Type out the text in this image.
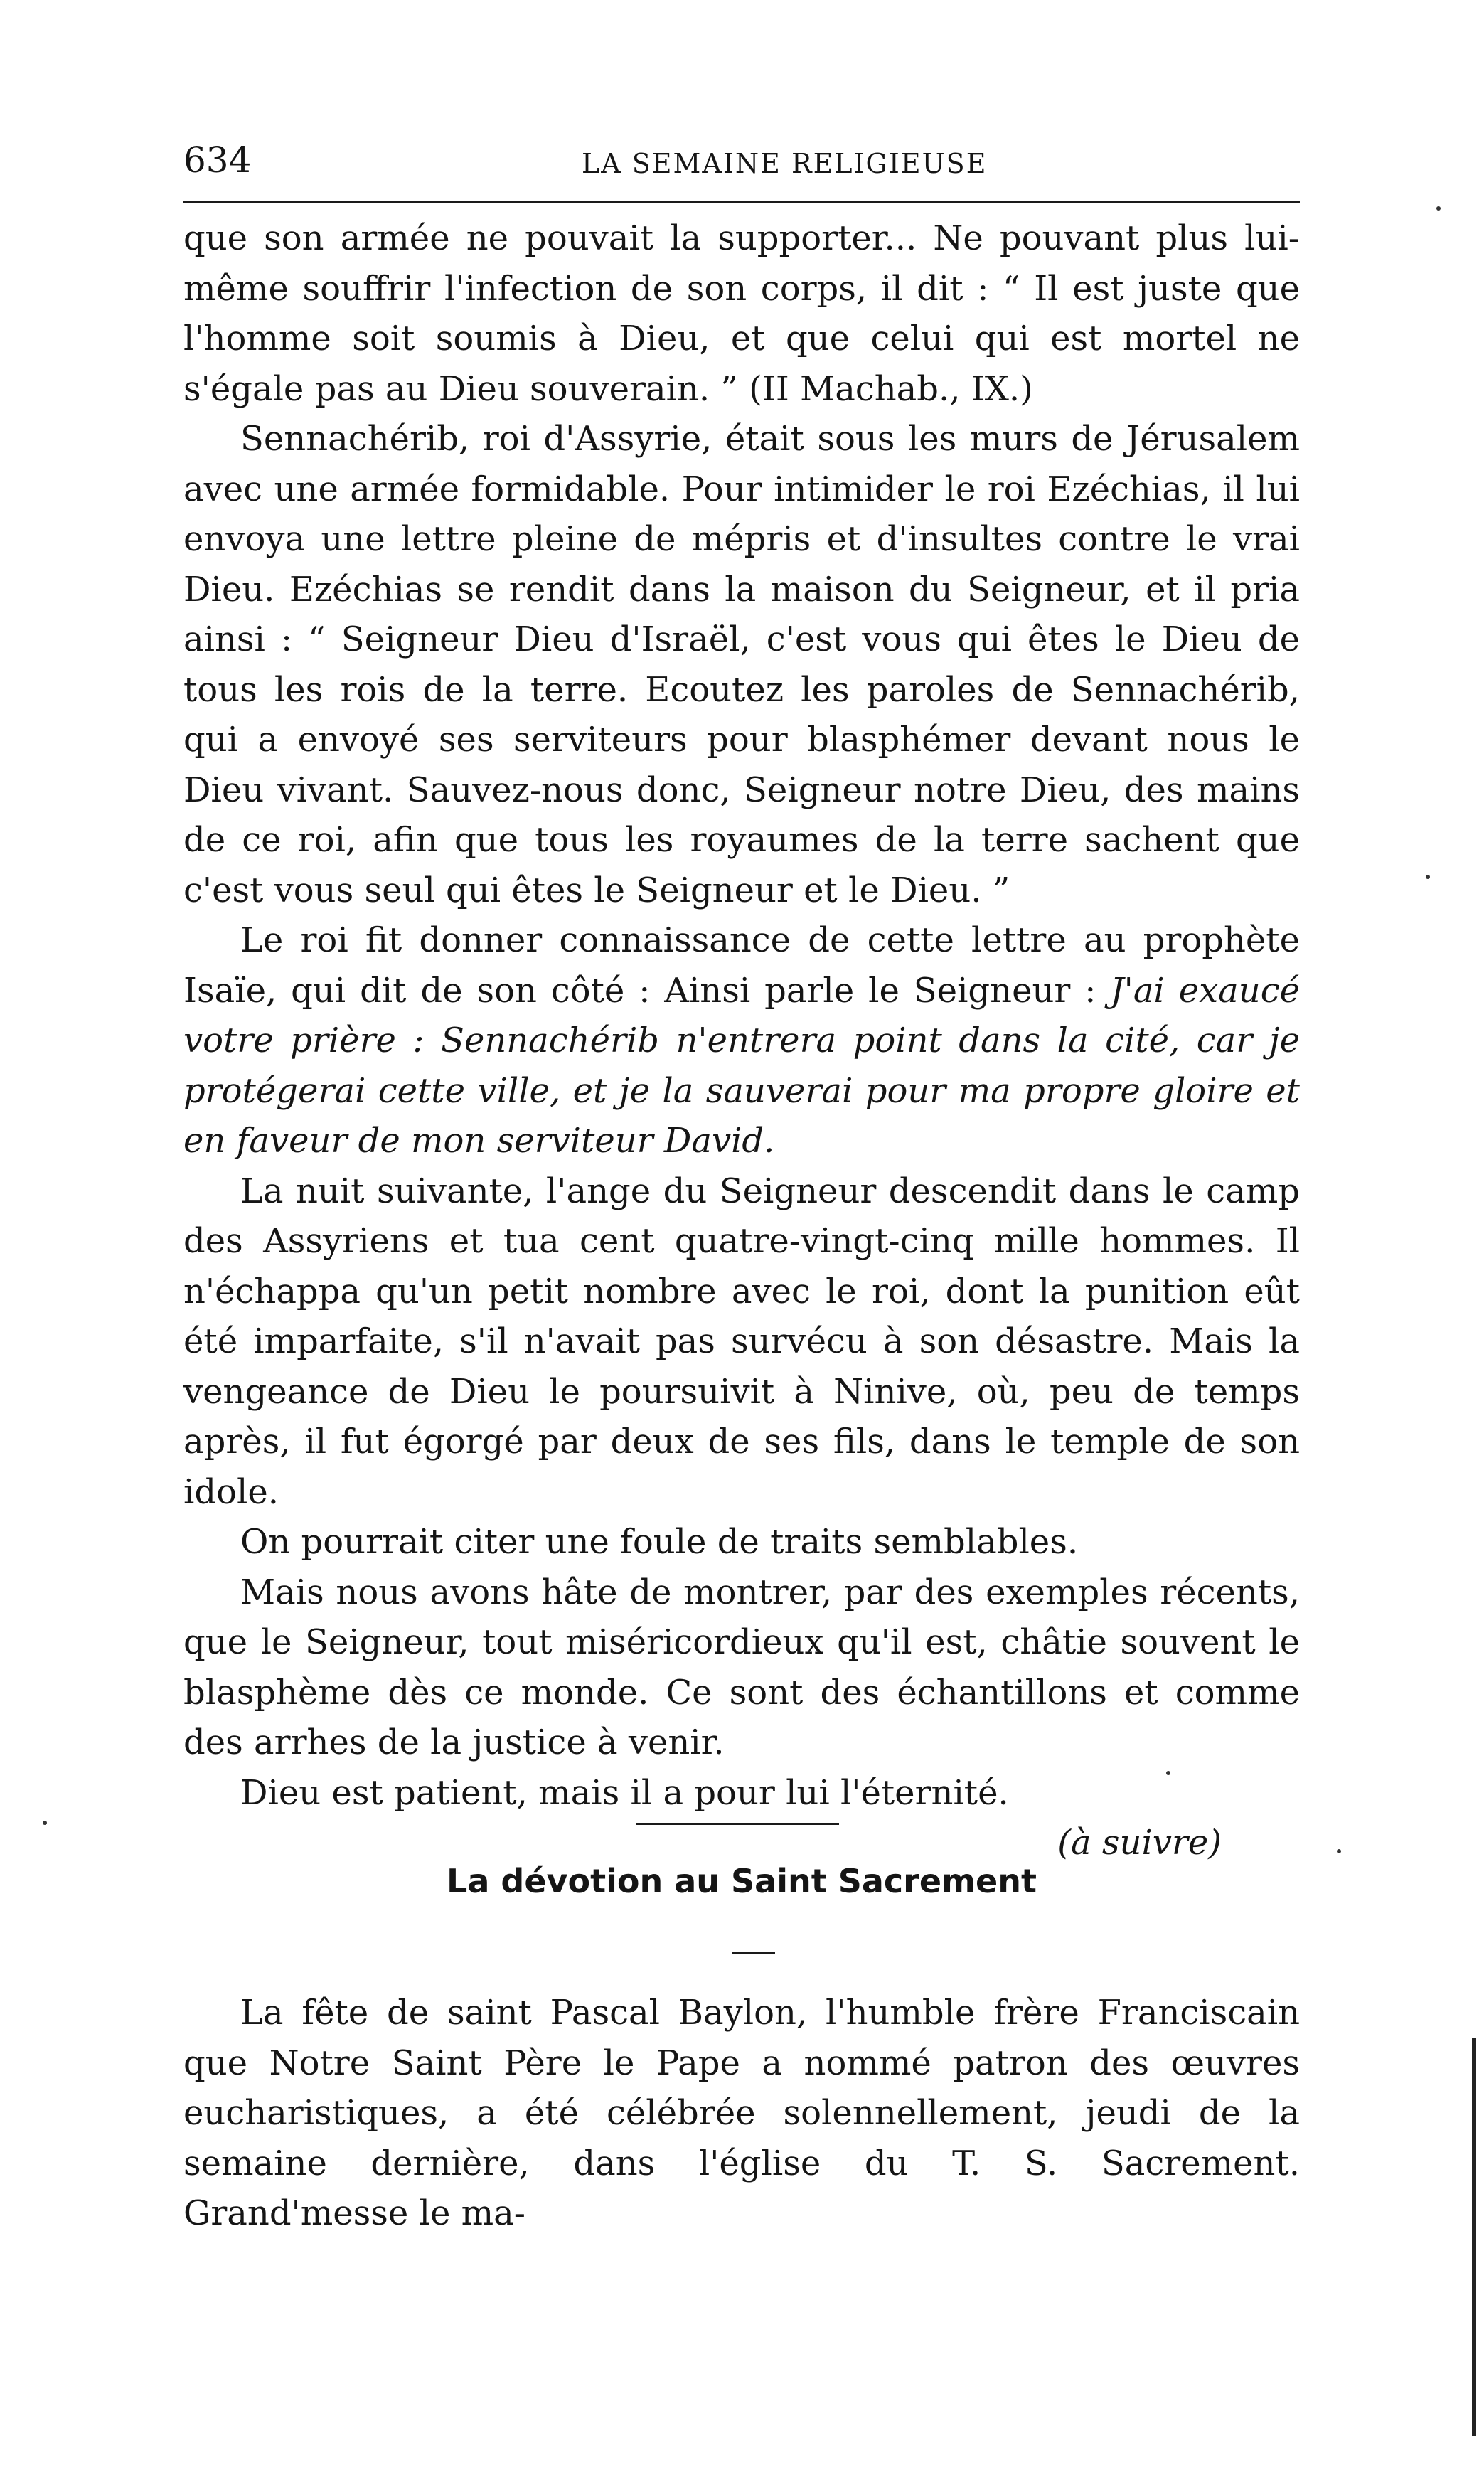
634	LA SEMAINE RELIGIEUSE

que son armée ne pouvait la supporter... Ne pouvant plus lui-même souffrir l'infection de son corps, il dit : “ Il est juste que l'homme soit soumis à Dieu, et que celui qui est mortel ne s'égale pas au Dieu souverain. ” (II Machab., IX.)

Sennachérib, roi d'Assyrie, était sous les murs de Jérusalem avec une armée formidable. Pour intimider le roi Ezéchias, il lui envoya une lettre pleine de mépris et d'insultes contre le vrai Dieu. Ezéchias se rendit dans la maison du Seigneur, et il pria ainsi : “ Seigneur Dieu d'Israël, c'est vous qui êtes le Dieu de tous les rois de la terre. Ecoutez les paroles de Sennachérib, qui a envoyé ses serviteurs pour blasphémer devant nous le Dieu vivant. Sauvez-nous donc, Seigneur notre Dieu, des mains de ce roi, afin que tous les royaumes de la terre sachent que c'est vous seul qui êtes le Seigneur et le Dieu. ”

Le roi fit donner connaissance de cette lettre au prophète Isaïe, qui dit de son côté : Ainsi parle le Seigneur : J'ai exaucé votre prière : Sennachérib n'entrera point dans la cité, car je protégerai cette ville, et je la sauverai pour ma propre gloire et en faveur de mon serviteur David.

La nuit suivante, l'ange du Seigneur descendit dans le camp des Assyriens et tua cent quatre-vingt-cinq mille hommes. Il n'échappa qu'un petit nombre avec le roi, dont la punition eût été imparfaite, s'il n'avait pas survécu à son désastre. Mais la vengeance de Dieu le poursuivit à Ninive, où, peu de temps après, il fut égorgé par deux de ses fils, dans le temple de son idole.

On pourrait citer une foule de traits semblables.

Mais nous avons hâte de montrer, par des exemples récents, que le Seigneur, tout miséricordieux qu'il est, châtie souvent le blasphème dès ce monde. Ce sont des échantillons et comme des arrhes de la justice à venir.

Dieu est patient, mais il a pour lui l'éternité.

(à suivre)

La dévotion au Saint Sacrement

La fête de saint Pascal Baylon, l'humble frère Franciscain que Notre Saint Père le Pape a nommé patron des œuvres eucharistiques, a été célébrée solennellement, jeudi de la semaine dernière, dans l'église du T. S. Sacrement. Grand'messe le ma-
